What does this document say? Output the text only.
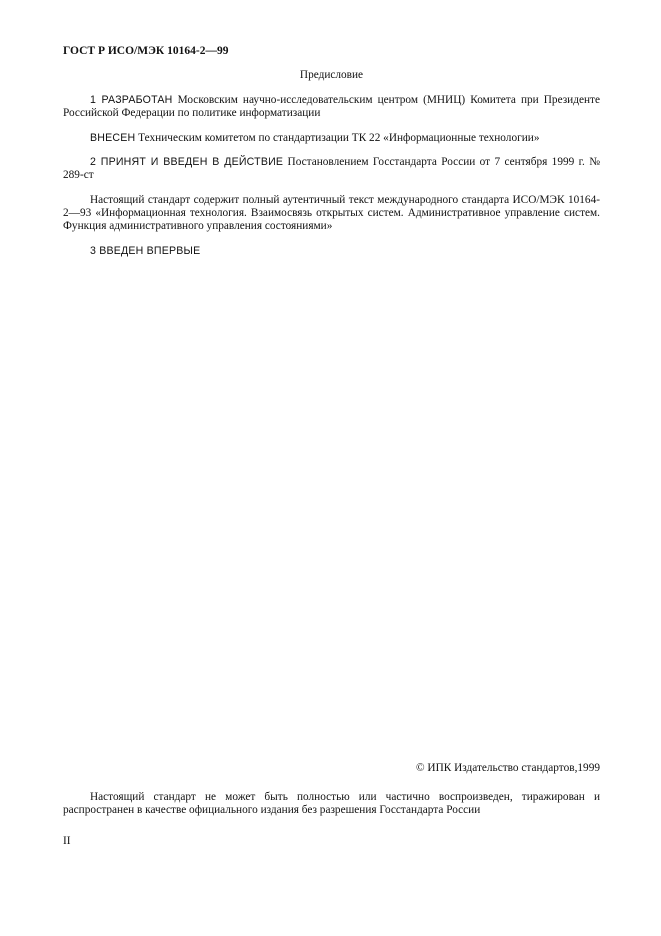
ГОСТ Р ИСО/МЭК 10164-2—99
Предисловие
1 РАЗРАБОТАН Московским научно-исследовательским центром (МНИЦ) Комитета при Президенте Российской Федерации по политике информатизации
ВНЕСЕН Техническим комитетом по стандартизации ТК 22 «Информационные технологии»
2 ПРИНЯТ И ВВЕДЕН В ДЕЙСТВИЕ Постановлением Госстандарта России от 7 сентября 1999 г. № 289-ст
Настоящий стандарт содержит полный аутентичный текст международного стандарта ИСО/МЭК 10164-2—93 «Информационная технология. Взаимосвязь открытых систем. Административное управление систем. Функция административного управления состояниями»
3 ВВЕДЕН ВПЕРВЫЕ
© ИПК Издательство стандартов,1999
Настоящий стандарт не может быть полностью или частично воспроизведен, тиражирован и распространен в качестве официального издания без разрешения Госстандарта России
II
